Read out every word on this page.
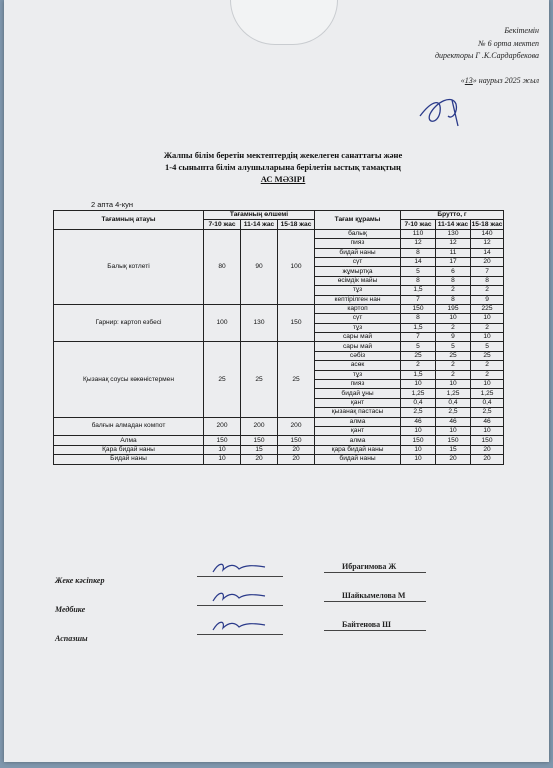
Бекітемін
№ 6 орта мектеп
директоры Г .К.Сардарбекова
«13» наурыз 2025 жыл
Жалпы білім беретін мектептердің жекелеген санаттағы және
1-4 сыныпта білім алушыларына берілетін ыстық тамақтың
АС МӘЗІРІ
2 апта 4-кун
Тағамның атауы	Тағамның өлшемі			Тағам құрамы	Брутто, г		
	7-10 жас	11-14 жас	15-18 жас		7-10 жас	11-14 жас	15-18 жас
Балық котлеті	80	90	100	балық	110	130	140
				пияз	12	12	12
				бидай наны	8	11	14
				сүт	14	17	20
				жұмыртқа	5	6	7
				өсімдік майы	8	8	8
				тұз	1,5	2	2
				кептірілген нан	7	8	9
Гарнир: картоп езбесі	100	130	150	картоп	150	195	225
				сүт	8	10	10
				тұз	1,5	2	2
				сары май	7	9	10
Қызанақ соусы көкөністермен	25	25	25	сары май	5	5	5
				сәбіз	25	25	25
				асөк	2	2	2
				тұз	1,5	2	2
				пияз	10	10	10
				бидай ұны	1,25	1,25	1,25
				қант	0,4	0,4	0,4
				қызанақ пастасы	2,5	2,5	2,5
балғын алмадан компот	200	200	200	алма	46	46	46
				қант	10	10	10
Алма	150	150	150	алма	150	150	150
Қара бидай наны	10	15	20	қара бидай наны	10	15	20
Бидай наны	10	20	20	бидай наны	10	20	20
Жеке кәсіпкер
Ибрагимова Ж
Медбике
Шайкымелова М
Аспазшы
Байтенова Ш
